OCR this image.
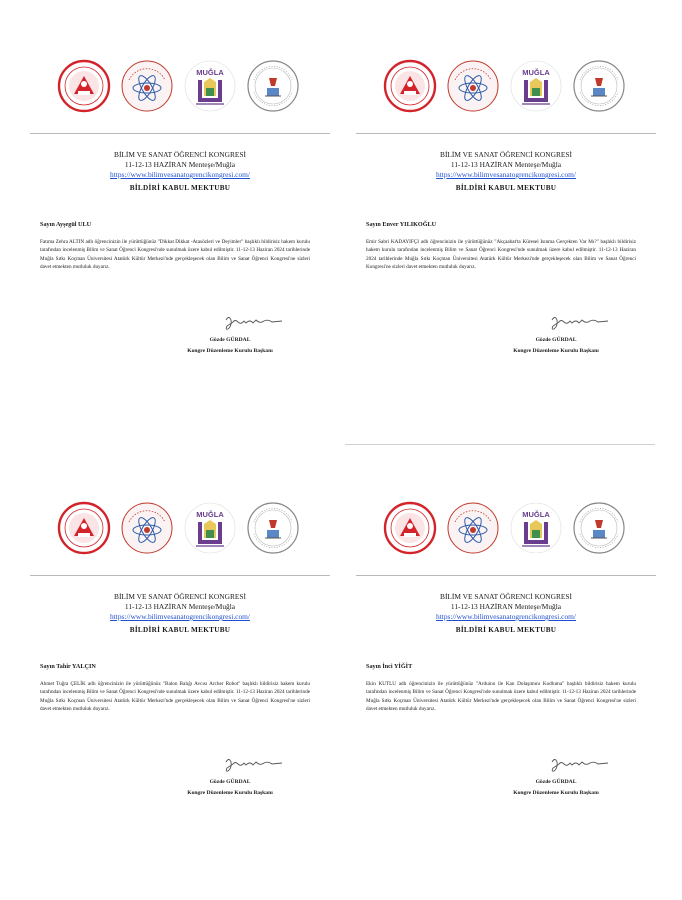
MUĞLA
BİLİM VE SANAT ÖĞRENCİ KONGRESİ
11-12-13 HAZİRAN Menteşe/Muğla
https://www.bilimvesanatogrencikongresi.com/
BİLDİRİ KABUL MEKTUBU
Sayın Ayşegül ULU
Fatıma Zehra ALTIN adlı öğrencinizin ile yürüttüğünüz "Dikkat Dikkat -Atasözleri ve Deyimler" başlıklı bildirisiz hakem kurulu tarafından incelenmiş Bilim ve Sanat Öğrenci Kongresi'nde sunulmak üzere kabul edilmiştir. 11-12-13 Haziran 2024 tarihlerinde Muğla Sıtkı Koçman Üniversitesi Atatürk Kültür Merkezi'nde gerçekleşecek olan Bilim ve Sanat Öğrenci Kongresi'ne sizleri davet etmekten mutluluk duyarız.
Gözde GÜRDAL
Kongre Düzenleme Kurulu Başkanı
MUĞLA
BİLİM VE SANAT ÖĞRENCİ KONGRESİ
11-12-13 HAZİRAN Menteşe/Muğla
https://www.bilimvesanatogrencikongresi.com/
BİLDİRİ KABUL MEKTUBU
Sayın Enver YILIKOĞLU
Emir Sabri KADAYIFÇI adlı öğrencinizin ile yürüttüğünüz "Akçaabat'ta Küresel Isınma Gerçekten Var Mı?" başlıklı bildirisiz hakem kurulu tarafından incelenmiş Bilim ve Sanat Öğrenci Kongresi'nde sunulmak üzere kabul edilmiştir. 11-12-13 Haziran 2024 tarihlerinde Muğla Sıtkı Koçman Üniversitesi Atatürk Kültür Merkezi'nde gerçekleşecek olan Bilim ve Sanat Öğrenci Kongresi'ne sizleri davet etmekten mutluluk duyarız.
Gözde GÜRDAL
Kongre Düzenleme Kurulu Başkanı
MUĞLA
BİLİM VE SANAT ÖĞRENCİ KONGRESİ
11-12-13 HAZİRAN Menteşe/Muğla
https://www.bilimvesanatogrencikongresi.com/
BİLDİRİ KABUL MEKTUBU
Sayın Tahir YALÇIN
Ahmet Tuğra ÇELİK adlı öğrencinizin ile yürüttüğünüz "Balon Balığı Avcısı Archer Robot" başlıklı bildirisiz hakem kurulu tarafından incelenmiş Bilim ve Sanat Öğrenci Kongresi'nde sunulmak üzere kabul edilmiştir. 11-12-13 Haziran 2024 tarihlerinde Muğla Sıtkı Koçman Üniversitesi Atatürk Kültür Merkezi'nde gerçekleşecek olan Bilim ve Sanat Öğrenci Kongresi'ne sizleri davet etmekten mutluluk duyarız.
Gözde GÜRDAL
Kongre Düzenleme Kurulu Başkanı
MUĞLA
BİLİM VE SANAT ÖĞRENCİ KONGRESİ
11-12-13 HAZİRAN Menteşe/Muğla
https://www.bilimvesanatogrencikongresi.com/
BİLDİRİ KABUL MEKTUBU
Sayın İnci YİĞİT
Ekin KUTLU adlı öğrencinizin ile yürüttüğünüz "Arduino ile Kan Dolaşımını Kodluma" başlıklı bildirisiz hakem kurulu tarafından incelenmiş Bilim ve Sanat Öğrenci Kongresi'nde sunulmak üzere kabul edilmiştir. 11-12-13 Haziran 2024 tarihlerinde Muğla Sıtkı Koçman Üniversitesi Atatürk Kültür Merkezi'nde gerçekleşecek olan Bilim ve Sanat Öğrenci Kongresi'ne sizleri davet etmekten mutluluk duyarız.
Gözde GÜRDAL
Kongre Düzenleme Kurulu Başkanı
